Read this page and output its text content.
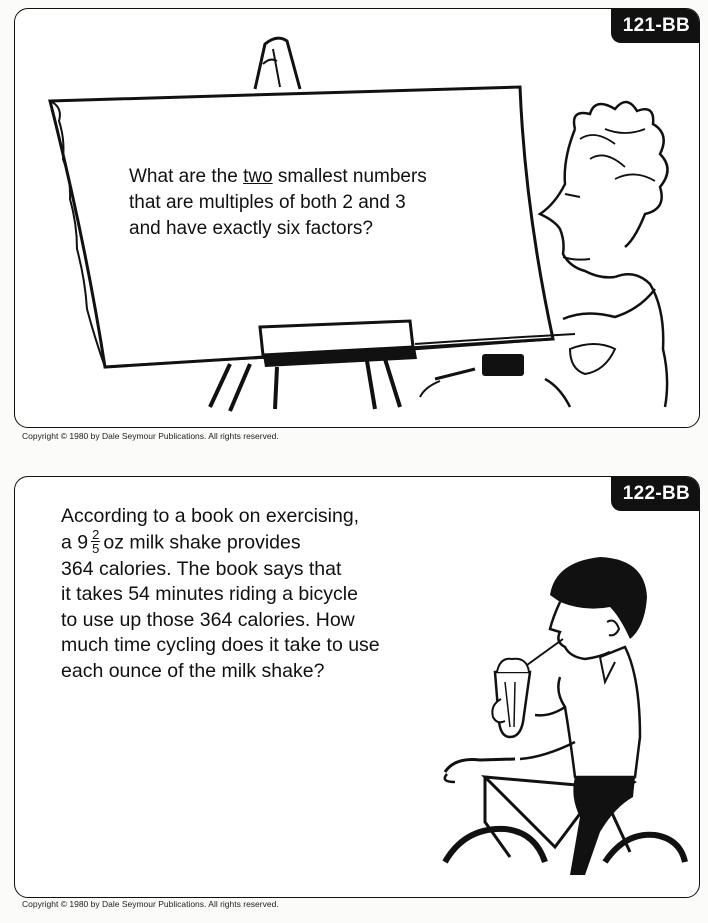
121-BB
What are the two smallest numbers
that are multiples of both 2 and 3
and have exactly six factors?
Copyright © 1980 by Dale Seymour Publications. All rights reserved.
122-BB
According to a book on exercising,
a $9 \frac{2}{5}$ oz milk shake provides
364 calories. The book says that
it takes 54 minutes riding a bicycle
to use up those 364 calories. How
much time cycling does it take to use
each ounce of the milk shake?
Copyright © 1980 by Dale Seymour Publications. All rights reserved.
